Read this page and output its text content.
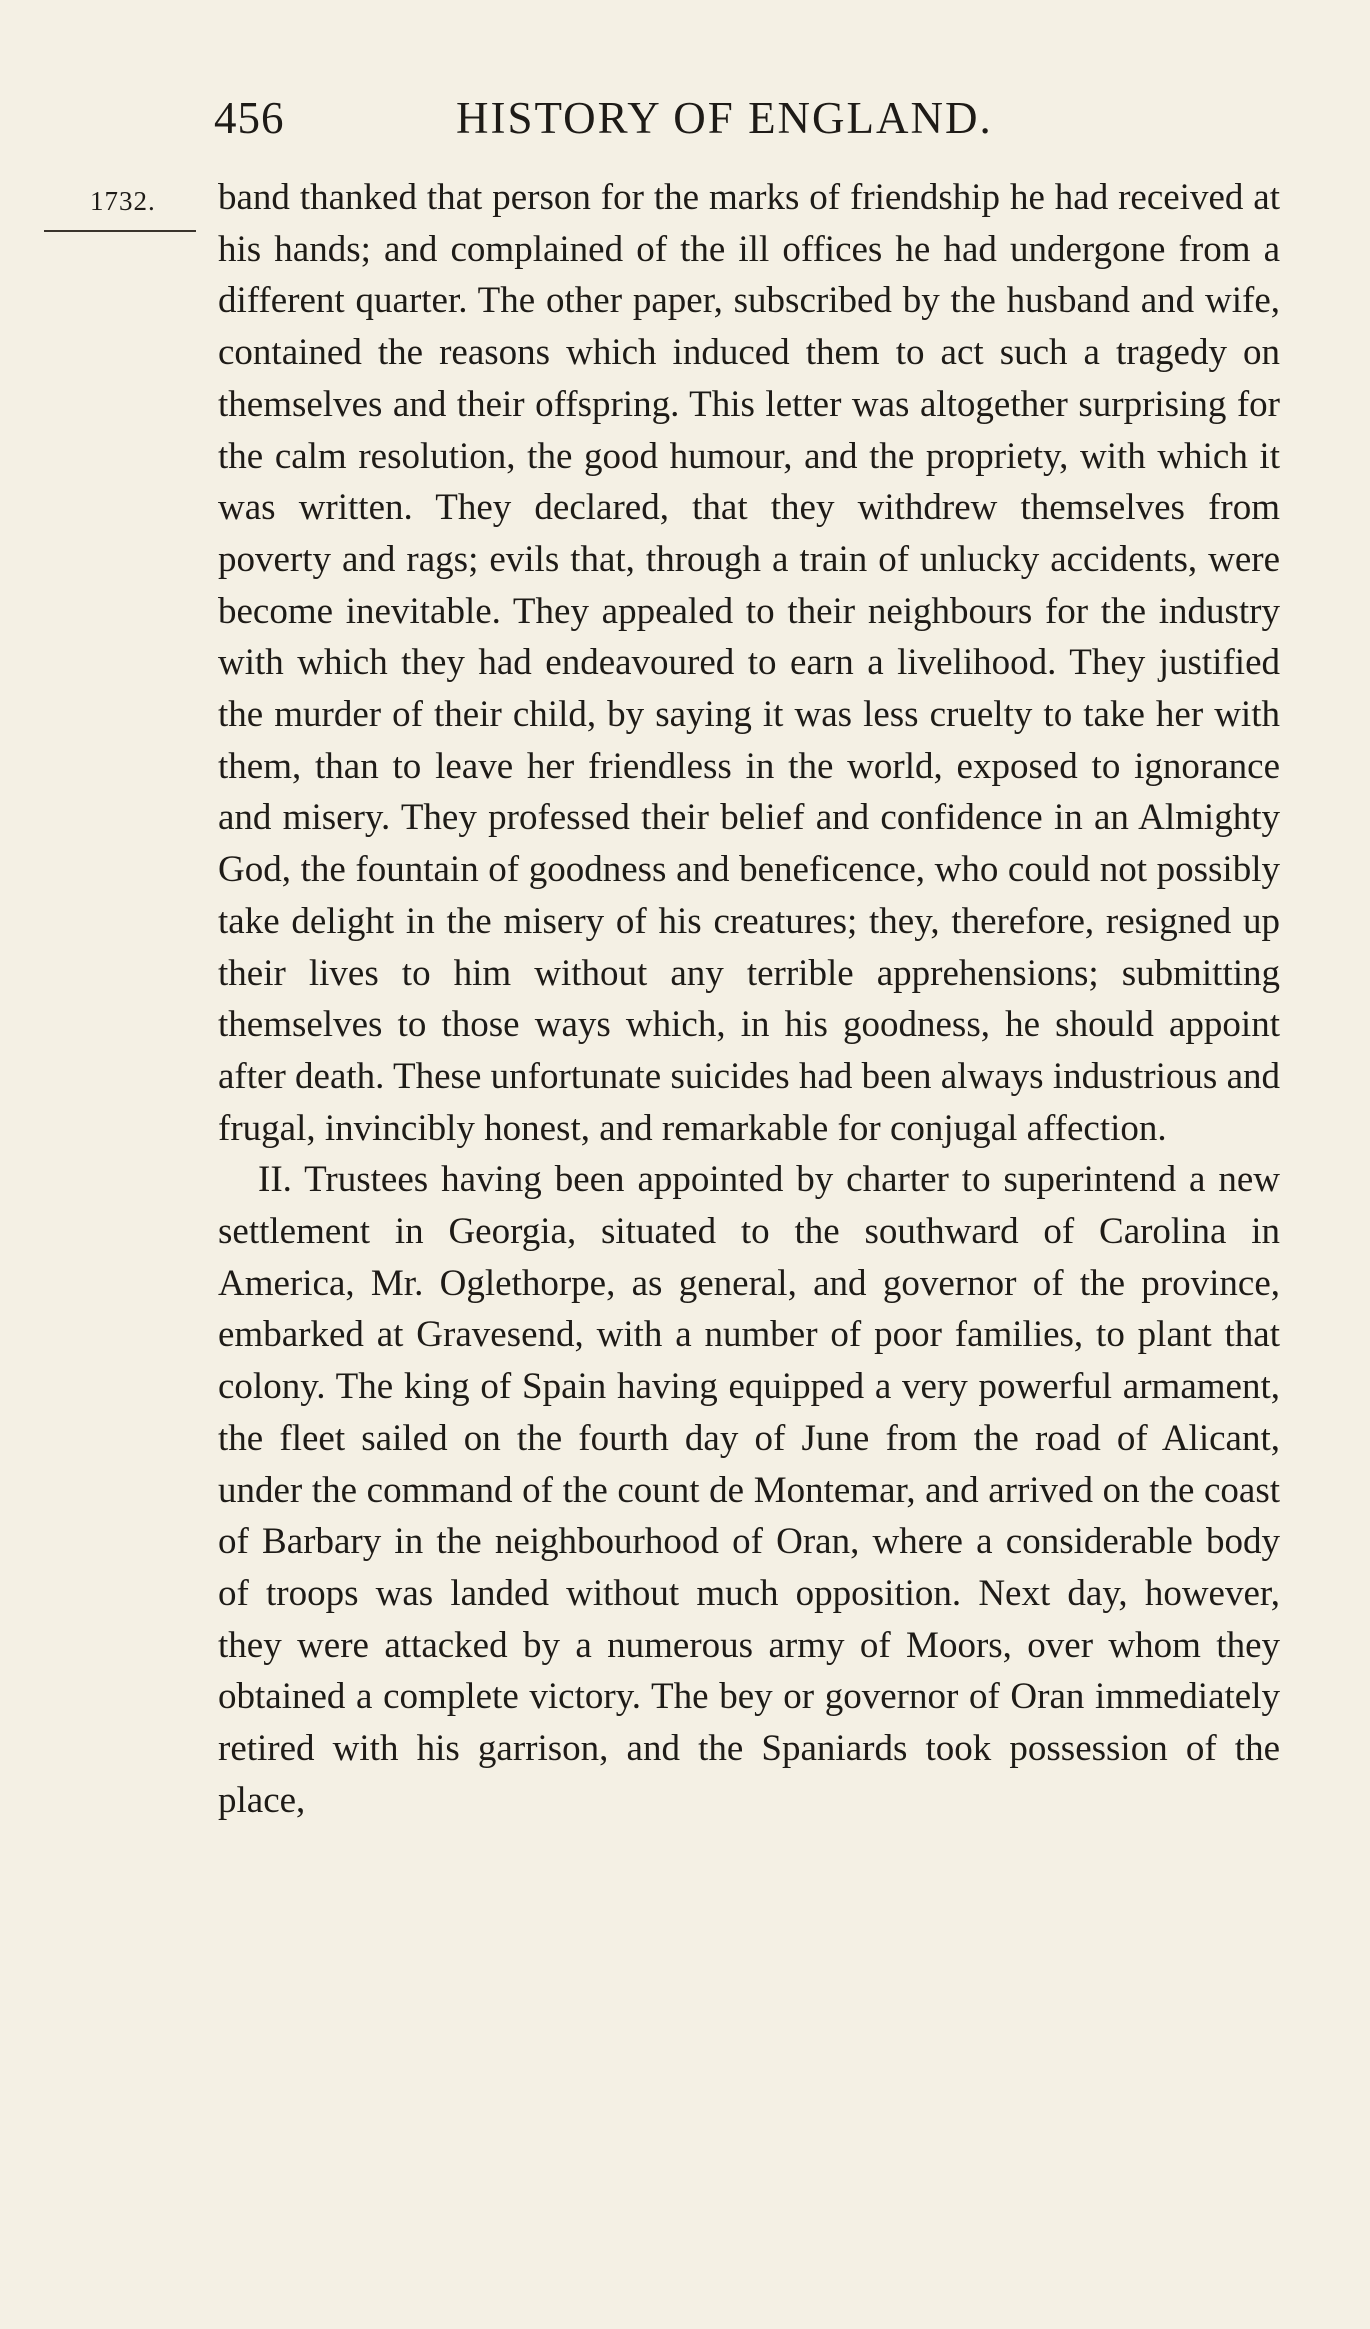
456	HISTORY OF ENGLAND.
1732. band thanked that person for the marks of friendship he had received at his hands; and complained of the ill offices he had undergone from a different quarter. The other paper, subscribed by the husband and wife, contained the reasons which induced them to act such a tragedy on themselves and their offspring. This letter was altogether surprising for the calm resolution, the good humour, and the propriety, with which it was written. They declared, that they withdrew themselves from poverty and rags; evils that, through a train of unlucky accidents, were become inevitable. They appealed to their neighbours for the industry with which they had endeavoured to earn a livelihood. They justified the murder of their child, by saying it was less cruelty to take her with them, than to leave her friendless in the world, exposed to ignorance and misery. They professed their belief and confidence in an Almighty God, the fountain of goodness and beneficence, who could not possibly take delight in the misery of his creatures; they, therefore, resigned up their lives to him without any terrible apprehensions; submitting themselves to those ways which, in his goodness, he should appoint after death. These unfortunate suicides had been always industrious and frugal, invincibly honest, and remarkable for conjugal affection.

II. Trustees having been appointed by charter to superintend a new settlement in Georgia, situated to the southward of Carolina in America, Mr. Oglethorpe, as general, and governor of the province, embarked at Gravesend, with a number of poor families, to plant that colony. The king of Spain having equipped a very powerful armament, the fleet sailed on the fourth day of June from the road of Alicant, under the command of the count de Montemar, and arrived on the coast of Barbary in the neighbourhood of Oran, where a considerable body of troops was landed without much opposition. Next day, however, they were attacked by a numerous army of Moors, over whom they obtained a complete victory. The bey or governor of Oran immediately retired with his garrison, and the Spaniards took possession of the place,
